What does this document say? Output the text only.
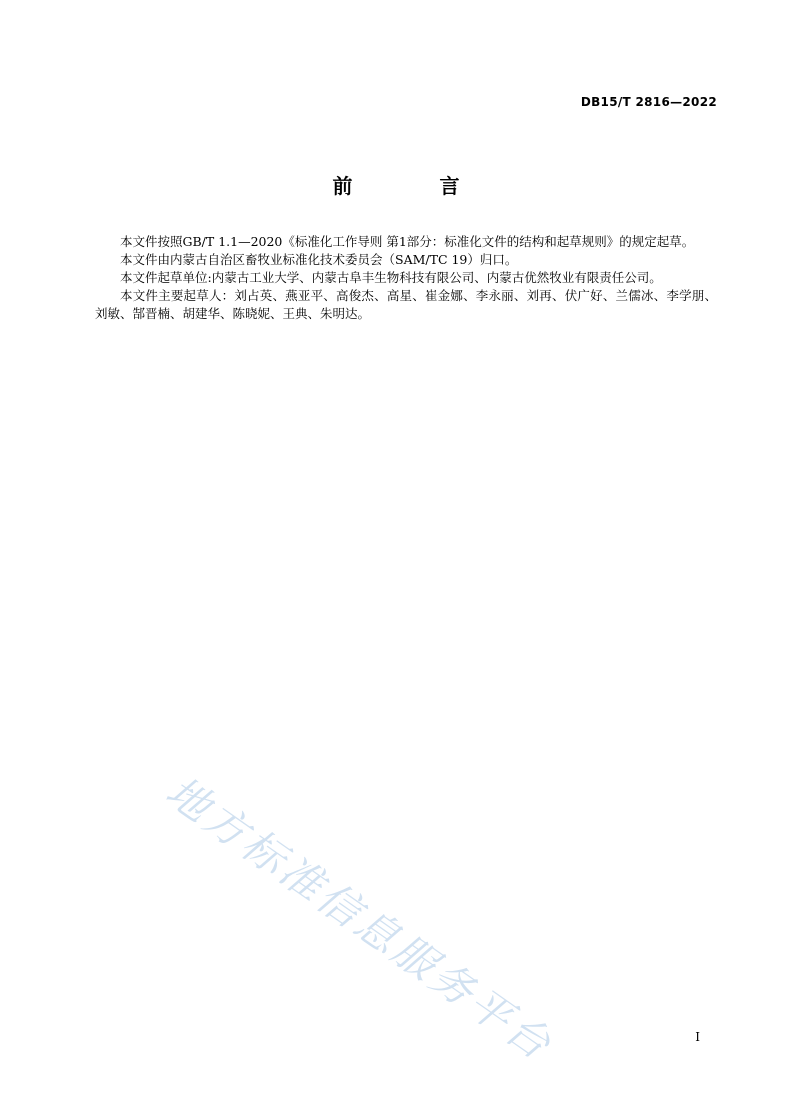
DB15/T 2816—2022
前 言

本文件按照GB/T 1.1—2020《标准化工作导则 第1部分：标准化文件的结构和起草规则》的规定起草。

本文件由内蒙古自治区畜牧业标准化技术委员会（SAM/TC 19）归口。

本文件起草单位:内蒙古工业大学、内蒙古阜丰生物科技有限公司、内蒙古优然牧业有限责任公司。

本文件主要起草人：刘占英、燕亚平、高俊杰、高星、崔金娜、李永丽、刘再、伏广好、兰儒冰、李学朋、刘敏、郜晋楠、胡建华、陈晓妮、王典、朱明达。

地方标准信息服务平台	I
